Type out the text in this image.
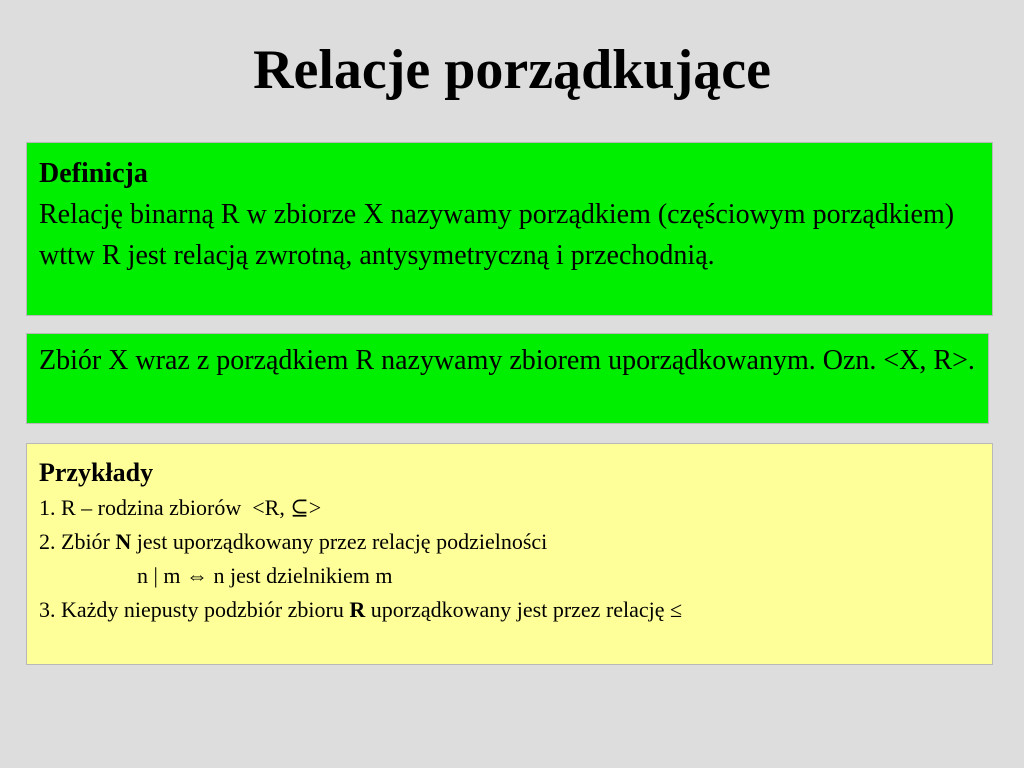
Relacje porządkujące
Definicja
Relację binarną R w zbiorze X nazywamy porządkiem (częściowym porządkiem) wttw R jest relacją zwrotną, antysymetryczną i przechodnią.
Zbiór X wraz z porządkiem R nazywamy zbiorem uporządkowanym. Ozn. <X, R>.
Przykłady
1. R – rodzina zbiorów  <R, ⊆>
2. Zbiór N jest uporządkowany przez relację podzielności
n | m ⇔ n jest dzielnikiem m
3. Każdy niepusty podzbiór zbioru R uporządkowany jest przez relację ≤
